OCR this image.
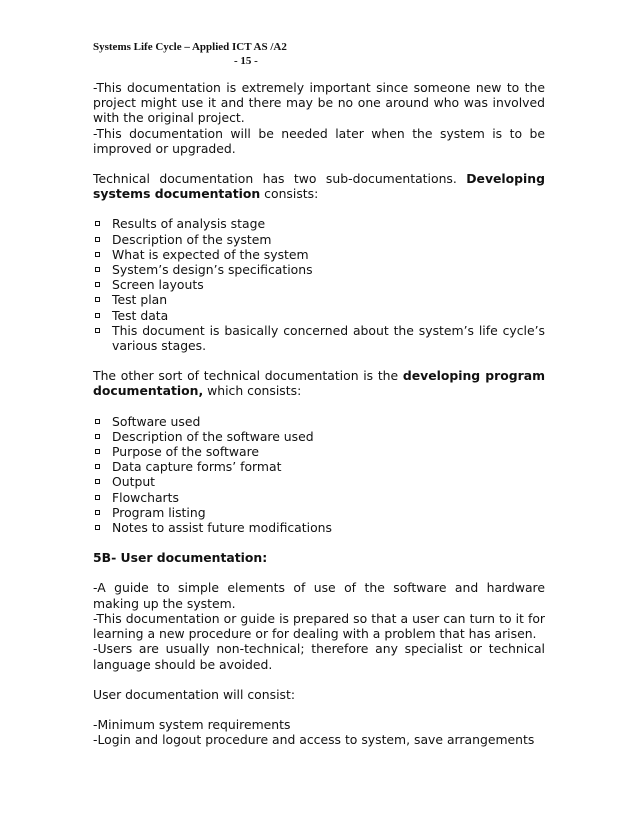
Systems Life Cycle – Applied ICT AS /A2
- 15 -

-This documentation is extremely important since someone new to the project might use it and there may be no one around who was involved with the original project.

-This documentation will be needed later when the system is to be improved or upgraded.

Technical documentation has two sub-documentations. Developing systems documentation consists:

Results of analysis stage
Description of the system
What is expected of the system
System’s design’s specifications
Screen layouts
Test plan
Test data
This document is basically concerned about the system’s life cycle’s various stages.

The other sort of technical documentation is the developing program documentation, which consists:

Software used
Description of the software used
Purpose of the software
Data capture forms’ format
Output
Flowcharts
Program listing
Notes to assist future modifications

5B- User documentation:

-A guide to simple elements of use of the software and hardware making up the system.

-This documentation or guide is prepared so that a user can turn to it for learning a new procedure or for dealing with a problem that has arisen.

-Users are usually non-technical; therefore any specialist or technical language should be avoided.

User documentation will consist:

-Minimum system requirements

-Login and logout procedure and access to system, save arrangements
